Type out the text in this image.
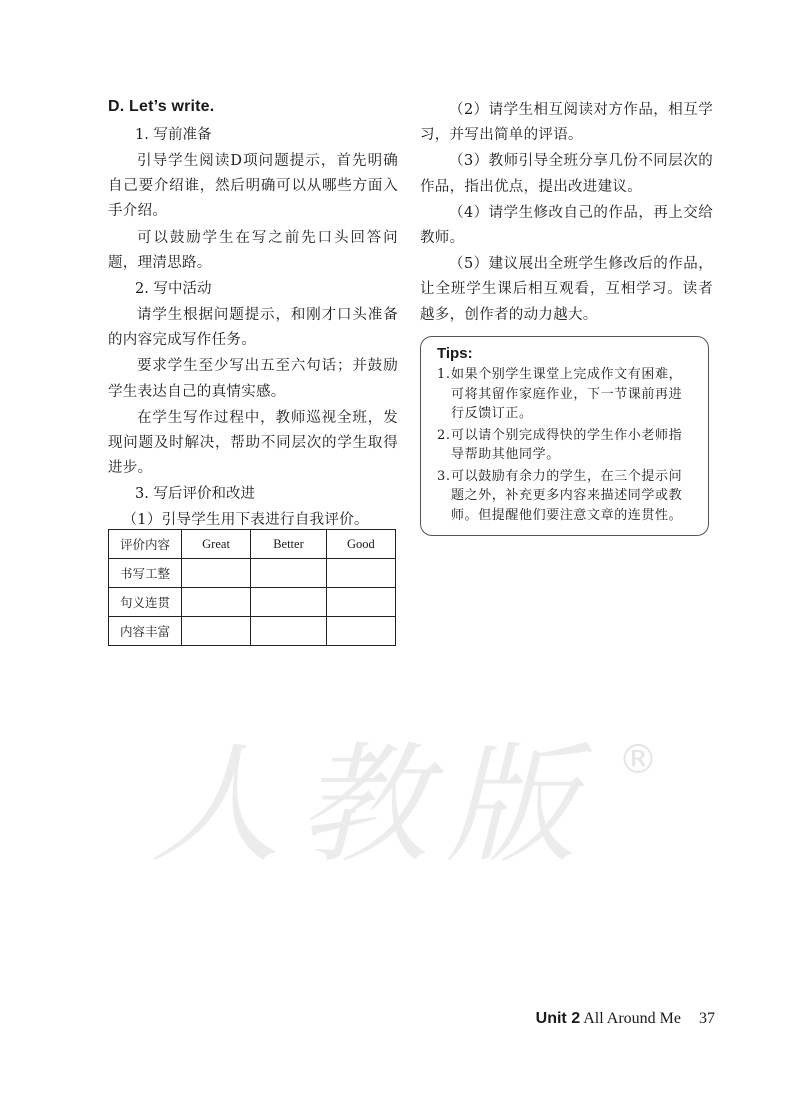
D. Let’s write.
1. 写前准备

引导学生阅读D项问题提示，首先明确自己要介绍谁，然后明确可以从哪些方面入手介绍。

可以鼓励学生在写之前先口头回答问题，理清思路。

2. 写中活动

请学生根据问题提示，和刚才口头准备的内容完成写作任务。

要求学生至少写出五至六句话；并鼓励学生表达自己的真情实感。

在学生写作过程中，教师巡视全班，发现问题及时解决，帮助不同层次的学生取得进步。

3. 写后评价和改进

（1）引导学生用下表进行自我评价。

评价内容	Great	Better	Good
书写工整			
句义连贯			
内容丰富			

（2）请学生相互阅读对方作品，相互学习，并写出简单的评语。

（3）教师引导全班分享几份不同层次的作品，指出优点，提出改进建议。

（4）请学生修改自己的作品，再上交给教师。

（5）建议展出全班学生修改后的作品，让全班学生课后相互观看，互相学习。读者越多，创作者的动力越大。

Tips:
1. 如果个别学生课堂上完成作文有困难，可将其留作家庭作业，下一节课前再进行反馈订正。
2. 可以请个别完成得快的学生作小老师指导帮助其他同学。
3. 可以鼓励有余力的学生，在三个提示问题之外，补充更多内容来描述同学或教师。但提醒他们要注意文章的连贯性。
人教版 ®
Unit 2 All Around Me 37
